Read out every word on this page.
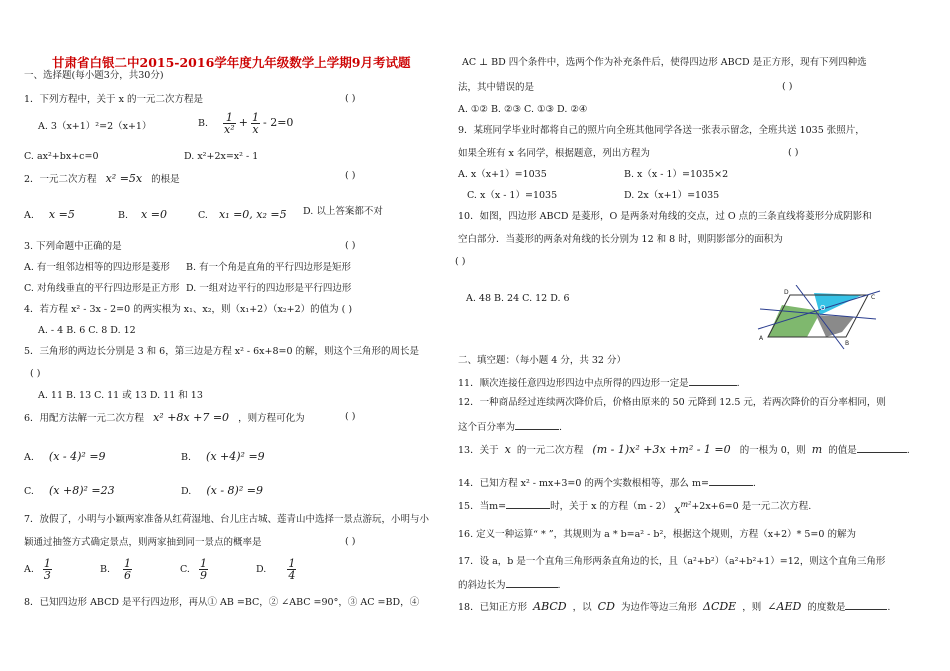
甘肃省白银二中2015-2016学年度九年级数学上学期9月考试题
一、选择题(每小题3分，共30分)
1．下列方程中，关于 x 的一元二次方程是	( )
A. 3（x+1）²=2（x+1）	B. $\frac{1}{\text{x²}} + \frac{1}{x} - 2=0$
C. ax²+bx+c=0	D. x²+2x=x² - 1
2．一元二次方程 x² =5x 的根是	( )
A. x =5	B. x =0	C. x₁ =0, x₂ =5 D. 以上答案都不对
3. 下列命题中正确的是	( )
A. 有一组邻边相等的四边形是菱形 B. 有一个角是直角的平行四边形是矩形
C. 对角线垂直的平行四边形是正方形 D. 一组对边平行的四边形是平行四边形
4．若方程 x² - 3x - 2=0 的两实根为 x₁、x₂，则（x₁+2）（x₂+2）的值为 ( )
A. - 4 B. 6 C. 8 D. 12
5．三角形的两边长分别是 3 和 6，第三边是方程 x² - 6x+8=0 的解，则这个三角形的周长是
( )
A. 11 B. 13 C. 11 或 13 D. 11 和 13
6．用配方法解一元二次方程 x² +8x +7 =0 ，则方程可化为	( )
A. (x - 4)² =9	B. (x +4)² =9
C. (x +8)² =23	D. (x - 8)² =9
7．放假了，小明与小颖两家准备从红荷湿地、台儿庄古城、莲青山中选择一景点游玩，小明与小
颖通过抽签方式确定景点，则两家抽到同一景点的概率是	( )
A. $\frac{1}{3}$	B. $\frac{1}{6}$	C. $\frac{1}{9}$	D. $\frac{1}{4}$
8．已知四边形 ABCD 是平行四边形，再从① AB =BC，② ∠ABC =90°，③ AC =BD，④
AC ⊥ BD 四个条件中，选两个作为补充条件后，使得四边形 ABCD 是正方形，现有下列四种选
法，其中错误的是	( )
A. ①② B. ②③ C. ①③ D. ②④
9．某班同学毕业时都将自己的照片向全班其他同学各送一张表示留念，全班共送 1035 张照片，
如果全班有 x 名同学，根据题意，列出方程为	( )
A. x（x+1）=1035	B. x（x - 1）=1035×2
C. x（x - 1）=1035	D. 2x（x+1）=1035
10．如图，四边形 ABCD 是菱形，O 是两条对角线的交点，过 O 点的三条直线将菱形分成阴影和
空白部分．当菱形的两条对角线的长分别为 12 和 8 时，则阴影部分的面积为
( )
A. 48 B. 24 C. 12 D. 6
D
C
A
B
O
二、填空题：（每小题 4 分，共 32 分）
11．顺次连接任意四边形四边中点所得的四边形一定是	.
12．一种商品经过连续两次降价后，价格由原来的 50 元降到 12.5 元，若两次降价的百分率相同，则
这个百分率为	.
13．关于 x 的一元二次方程 (m - 1)x² +3x +m² - 1 =0 的一根为 0，则 m 的值是	.
14．已知方程 x² - mx+3=0 的两个实数根相等，那么 m=	.
15．当m=	时，关于 x 的方程（m - 2） $x^{m^2}+2x+6=0$ 是一元二次方程.
16. 定义一种运算“ * ”，其规则为 a * b=a² - b²，根据这个规则，方程（x+2）* 5=0 的解为
17．设 a，b 是一个直角三角形两条直角边的长，且（a²+b²）（a²+b²+1）=12，则这个直角三角形
的斜边长为	.
18．已知正方形 ABCD ，以 CD 为边作等边三角形 ΔCDE ，则 ∠AED 的度数是	.
